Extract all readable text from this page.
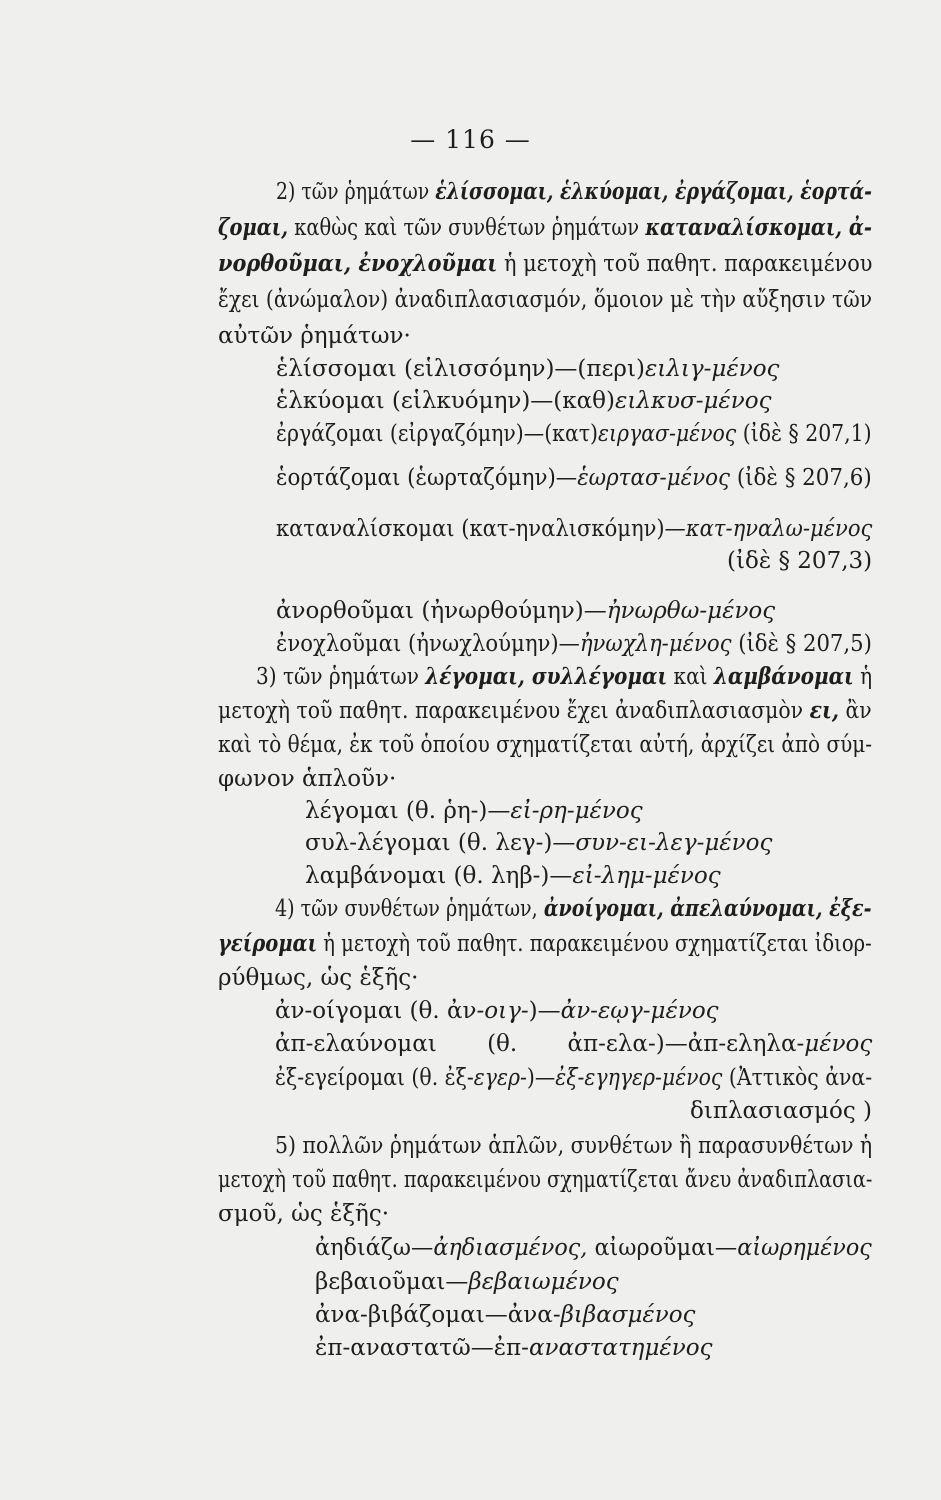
— 116 —
2) τῶν ῥημάτων ἑλίσσομαι, ἑλκύομαι, ἐργάζομαι, ἑορτά-
ζομαι, καθὼς καὶ τῶν συνθέτων ῥημάτων καταναλίσκομαι, ἀ-
νορθοῦμαι, ἐνοχλοῦμαι ἡ μετοχὴ τοῦ παθητ. παρακειμένου
ἔχει (ἀνώμαλον) ἀναδιπλασιασμόν, ὅμοιον μὲ τὴν αὔξησιν τῶν
αὐτῶν ῥημάτων·
ἑλίσσομαι (εἱλισσόμην)—(περι)ειλιγ-μένος
ἑλκύομαι (εἱλκυόμην)—(καθ)ειλκυσ-μένος
ἐργάζομαι (εἰργαζόμην)—(κατ)ειργασ-μένος (ἰδὲ § 207,1)
ἑορτάζομαι (ἑωρταζόμην)—ἑωρτασ-μένος (ἰδὲ § 207,6)
καταναλίσκομαι (κατ-ηναλισκόμην)—κατ-ηναλω-μένος
(ἰδὲ § 207,3)
ἀνορθοῦμαι (ἠνωρθούμην)—ἠνωρθω-μένος
ἐνοχλοῦμαι (ἠνωχλούμην)—ἠνωχλη-μένος (ἰδὲ § 207,5)
3) τῶν ῥημάτων λέγομαι, συλλέγομαι καὶ λαμβάνομαι ἡ
μετοχὴ τοῦ παθητ. παρακειμένου ἔχει ἀναδιπλασιασμὸν ει, ἂν
καὶ τὸ θέμα, ἐκ τοῦ ὁποίου σχηματίζεται αὐτή, ἀρχίζει ἀπὸ σύμ-
φωνον ἁπλοῦν·
λέγομαι (θ. ῥη-)—εἰ-ρη-μένος
συλ-λέγομαι (θ. λεγ-)—συν-ει-λεγ-μένος
λαμβάνομαι (θ. ληβ-)—εἰ-λημ-μένος
4) τῶν συνθέτων ῥημάτων, ἀνοίγομαι, ἀπελαύνομαι, ἐξε-
γείρομαι ἡ μετοχὴ τοῦ παθητ. παρακειμένου σχηματίζεται ἰδιορ-
ρύθμως, ὡς ἑξῆς·
ἀν-οίγομαι (θ. ἀν-οιγ-)—ἀν-εῳγ-μένος
ἀπ-ελαύνομαι (θ. ἀπ-ελα-)—ἀπ-εληλα-μένος
ἐξ-εγείρομαι (θ. ἐξ-εγερ-)—ἐξ-εγηγερ-μένος (Ἀττικὸς ἀνα-
διπλασιασμός )
5) πολλῶν ῥημάτων ἁπλῶν, συνθέτων ἢ παρασυνθέτων ἡ
μετοχὴ τοῦ παθητ. παρακειμένου σχηματίζεται ἄνευ ἀναδιπλασια-
σμοῦ, ὡς ἑξῆς·
ἀηδιάζω—ἀηδιασμένος, αἰωροῦμαι—αἰωρημένος
βεβαιοῦμαι—βεβαιωμένος
ἀνα-βιβάζομαι—ἀνα-βιβασμένος
ἐπ-αναστατῶ—ἐπ-αναστατημένος
